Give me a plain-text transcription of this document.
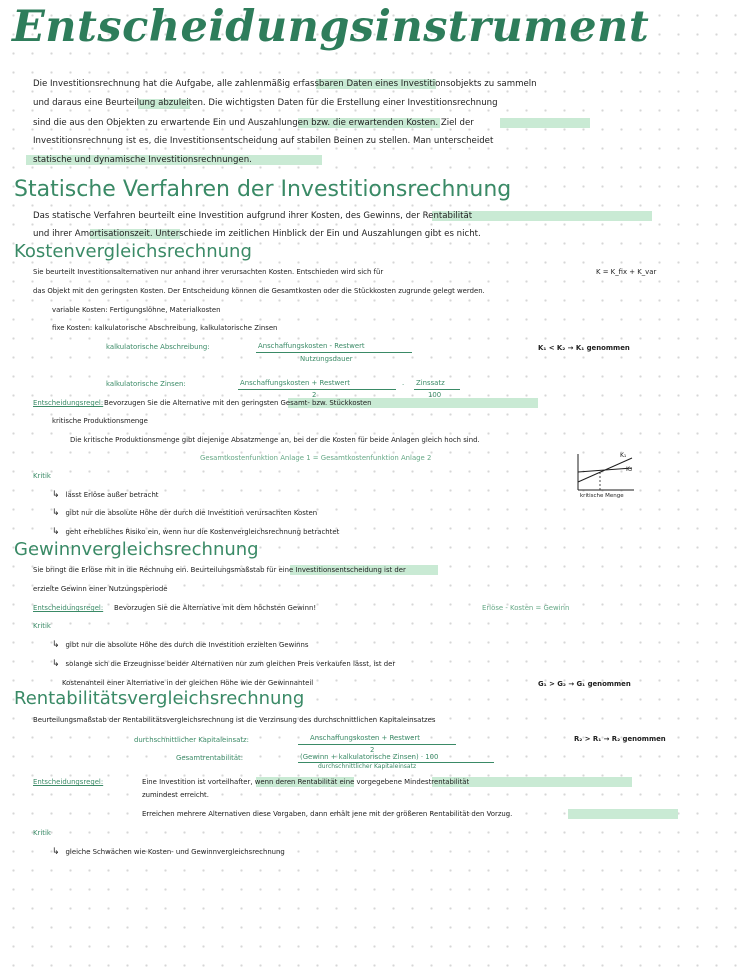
Entscheidungsinstrument
Die Investitionsrechnung hat die Aufgabe, alle zahlenmäßig erfassbaren Daten eines Investitionsobjekts zu sammeln
und daraus eine Beurteilung abzuleiten. Die wichtigsten Daten für die Erstellung einer Investitionsrechnung
sind die aus den Objekten zu erwartende Ein und Auszahlungen bzw. die erwartenden Kosten. Ziel der
Investitionsrechnung ist es, die Investitionsentscheidung auf stabilen Beinen zu stellen. Man unterscheidet
statische und dynamische Investitionsrechnungen.
Statische Verfahren der Investitionsrechnung
Das statische Verfahren beurteilt eine Investition aufgrund ihrer Kosten, des Gewinns, der Rentabilität
und ihrer Amortisationszeit. Unterschiede im zeitlichen Hinblick der Ein und Auszahlungen gibt es nicht.
Kostenvergleichsrechnung
Sie beurteilt Investitionsalternativen nur anhand ihrer verursachten Kosten. Entschieden wird sich für	K = K_fix + K_var
das Objekt mit den geringsten Kosten. Der Entscheidung können die Gesamtkosten oder die Stückkosten zugrunde gelegt werden.
variable Kosten: Fertigungslöhne, Materialkosten
fixe Kosten: kalkulatorische Abschreibung, kalkulatorische Zinsen
kalkulatorische Abschreibung:	Anschaffungskosten - Restwert
Nutzungsdauer
K₁ < K₂ → K₁ genommen
kalkulatorische Zinsen:	Anschaffungskosten + Restwert
2
· Zinssatz
100
Entscheidungsregel: Bevorzugen Sie die Alternative mit den geringsten Gesamt- bzw. Stückkosten
kritische Produktionsmenge
Die kritische Produktionsmenge gibt diejenige Absatzmenge an, bei der die Kosten für beide Anlagen gleich hoch sind.
Gesamtkostenfunktion Anlage 1 = Gesamtkostenfunktion Anlage 2	K₁
K₂
kritische Menge
Kritik
↳ lässt Erlöse außer betracht
↳ gibt nur die absolute Höhe der durch die Investition verursachten Kosten
↳ geht erhebliches Risiko ein, wenn nur die Kostenvergleichsrechnung betrachtet
Gewinnvergleichsrechnung
Sie bringt die Erlöse mit in die Rechnung ein. Beurteilungsmaßstab für eine Investitionsentscheidung ist der
erzielte Gewinn einer Nutzungsperiode
Entscheidungsregel: Bevorzugen Sie die Alternative mit dem höchsten Gewinn!	Erlöse - Kosten = Gewinn
Kritik
↳ gibt nur die absolute Höhe des durch die Investition erzielten Gewinns
↳ solange sich die Erzeugnisse beider Alternativen nur zum gleichen Preis verkaufen lässt, ist der
Kostenanteil einer Alternative in der gleichen Höhe wie der Gewinnanteil	G₁ > G₂ → G₁ genommen
Rentabilitätsvergleichsrechnung
Beurteilungsmaßstab der Rentabilitätsvergleichsrechnung ist die Verzinsung des durchschnittlichen Kapitaleinsatzes
durchschnittlicher Kapitaleinsatz:	Anschaffungskosten + Restwert
2
R₂ > R₁ → R₂ genommen
Gesamtrentabilität:	(Gewinn + kalkulatorische Zinsen) · 100
durchschnittlicher Kapitaleinsatz
Entscheidungsregel:	Eine Investition ist vorteilhafter, wenn deren Rentabilität eine vorgegebene Mindestrentabilität
zumindest erreicht.
Erreichen mehrere Alternativen diese Vorgaben, dann erhält jene mit der größeren Rentabilität den Vorzug.
Kritik
↳ gleiche Schwächen wie Kosten- und Gewinnvergleichsrechnung
